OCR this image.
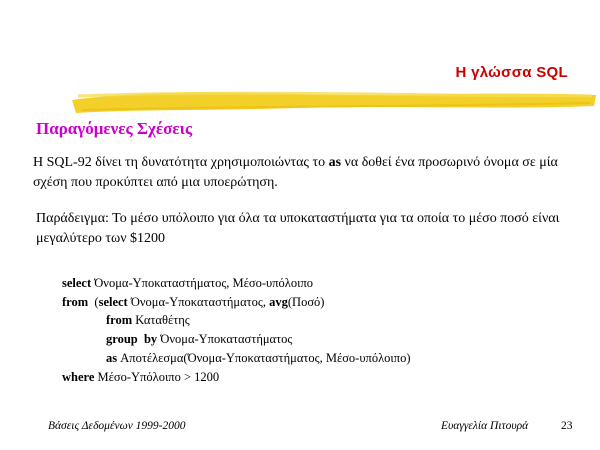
Η γλώσσα SQL
Παραγόμενες Σχέσεις
Η SQL-92 δίνει τη δυνατότητα χρησιμοποιώντας το as να δοθεί ένα προσωρινό όνομα σε μία σχέση που προκύπτει από μια υποερώτηση.
Παράδειγμα: Το μέσο υπόλοιπο για όλα τα υποκαταστήματα για τα οποία το μέσο ποσό είναι μεγαλύτερο των $1200
select Όνομα-Υποκαταστήματος, Μέσο-υπόλοιπο
from  (select Όνομα-Υποκαταστήματος, avg(Ποσό)
from Καταθέτης
group  by Όνομα-Υποκαταστήματος
as Αποτέλεσμα(Όνομα-Υποκαταστήματος, Μέσο-υπόλοιπο)
where Μέσο-Υπόλοιπο > 1200
Βάσεις Δεδομένων 1999-2000	Ευαγγελία Πιτουρά	23
